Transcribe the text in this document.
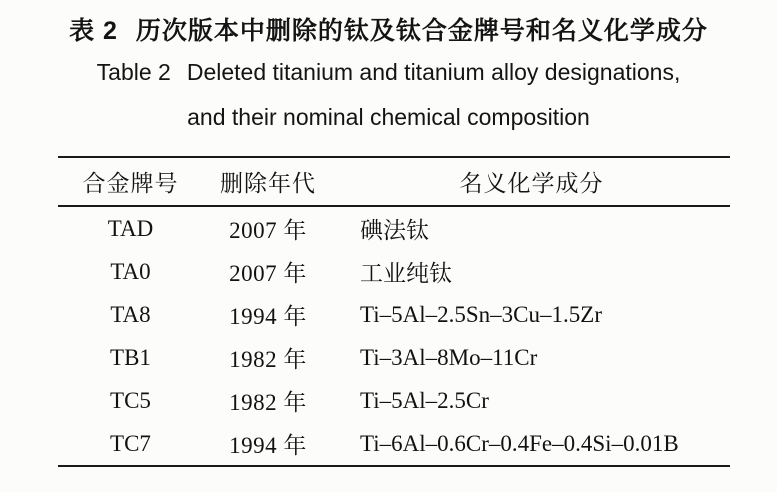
表 2 历次版本中删除的钛及钛合金牌号和名义化学成分
Table 2 Deleted titanium and titanium alloy designations,
and their nominal chemical composition
合金牌号	删除年代	名义化学成分
TAD	2007 年	碘法钛
TA0	2007 年	工业纯钛
TA8	1994 年	Ti–5Al–2.5Sn–3Cu–1.5Zr
TB1	1982 年	Ti–3Al–8Mo–11Cr
TC5	1982 年	Ti–5Al–2.5Cr
TC7	1994 年	Ti–6Al–0.6Cr–0.4Fe–0.4Si–0.01B
